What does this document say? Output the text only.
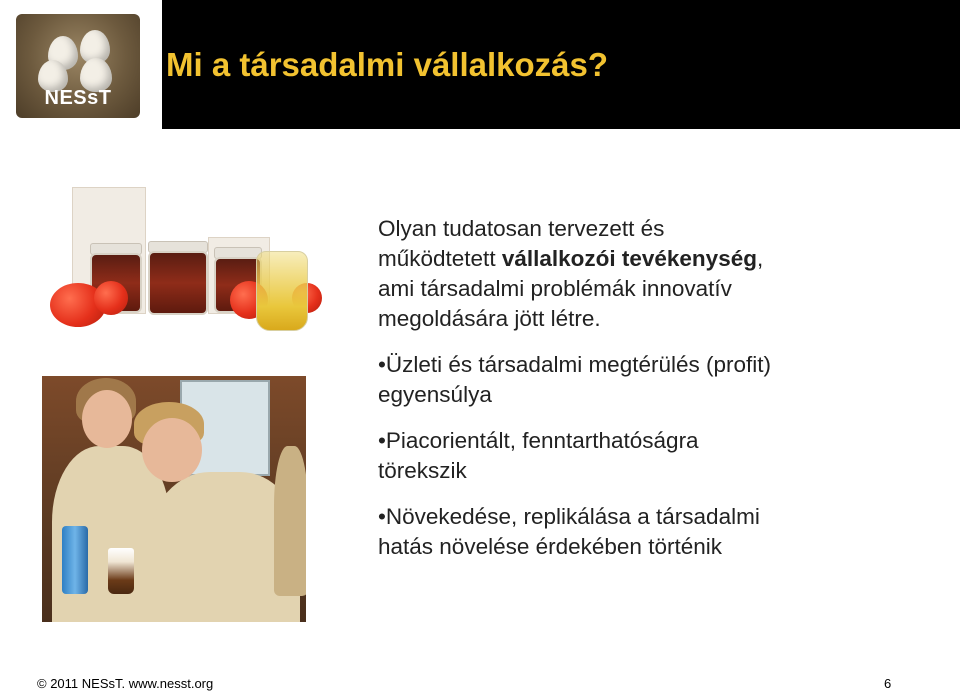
NESsT
Mi a társadalmi vállalkozás?

Olyan tudatosan tervezett és
működtetett vállalkozói tevékenység,
ami társadalmi problémák innovatív
megoldására jött létre.

•Üzleti és társadalmi megtérülés (profit)
egyensúlya

•Piacorientált, fenntarthatóságra
törekszik

•Növekedése, replikálása a társadalmi
hatás növelése érdekében történik

© 2011 NESsT. www.nesst.org	6
